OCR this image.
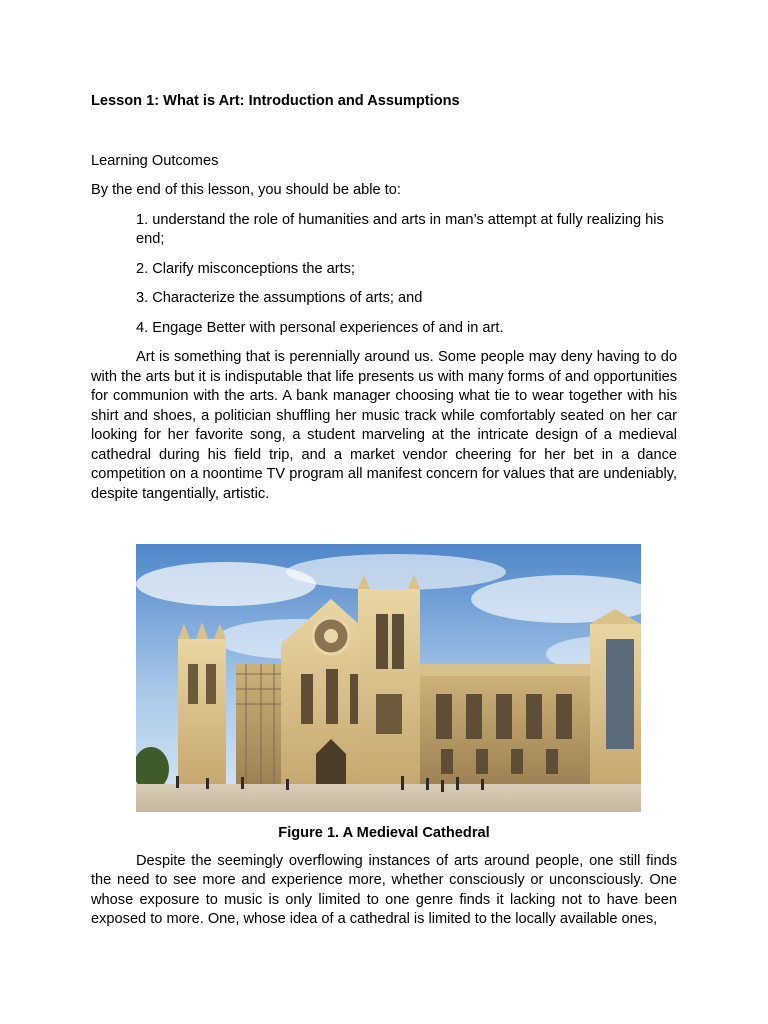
Lesson 1: What is Art: Introduction and Assumptions

Learning Outcomes

By the end of this lesson, you should be able to:

1. understand the role of humanities and arts in man’s attempt at fully realizing his end;
2. Clarify misconceptions the arts;
3. Characterize the assumptions of arts; and
4. Engage Better with personal experiences of and in art.

Art is something that is perennially around us. Some people may deny having to do with the arts but it is indisputable that life presents us with many forms of and opportunities for communion with the arts. A bank manager choosing what tie to wear together with his shirt and shoes, a politician shuffling her music track while comfortably seated on her car looking for her favorite song, a student marveling at the intricate design of a medieval cathedral during his field trip, and a market vendor cheering for her bet in a dance competition on a noontime TV program all manifest concern for values that are undeniably, despite tangentially, artistic.

Figure 1. A Medieval Cathedral

Despite the seemingly overflowing instances of arts around people, one still finds the need to see more and experience more, whether consciously or unconsciously. One whose exposure to music is only limited to one genre finds it lacking not to have been exposed to more. One, whose idea of a cathedral is limited to the locally available ones,
